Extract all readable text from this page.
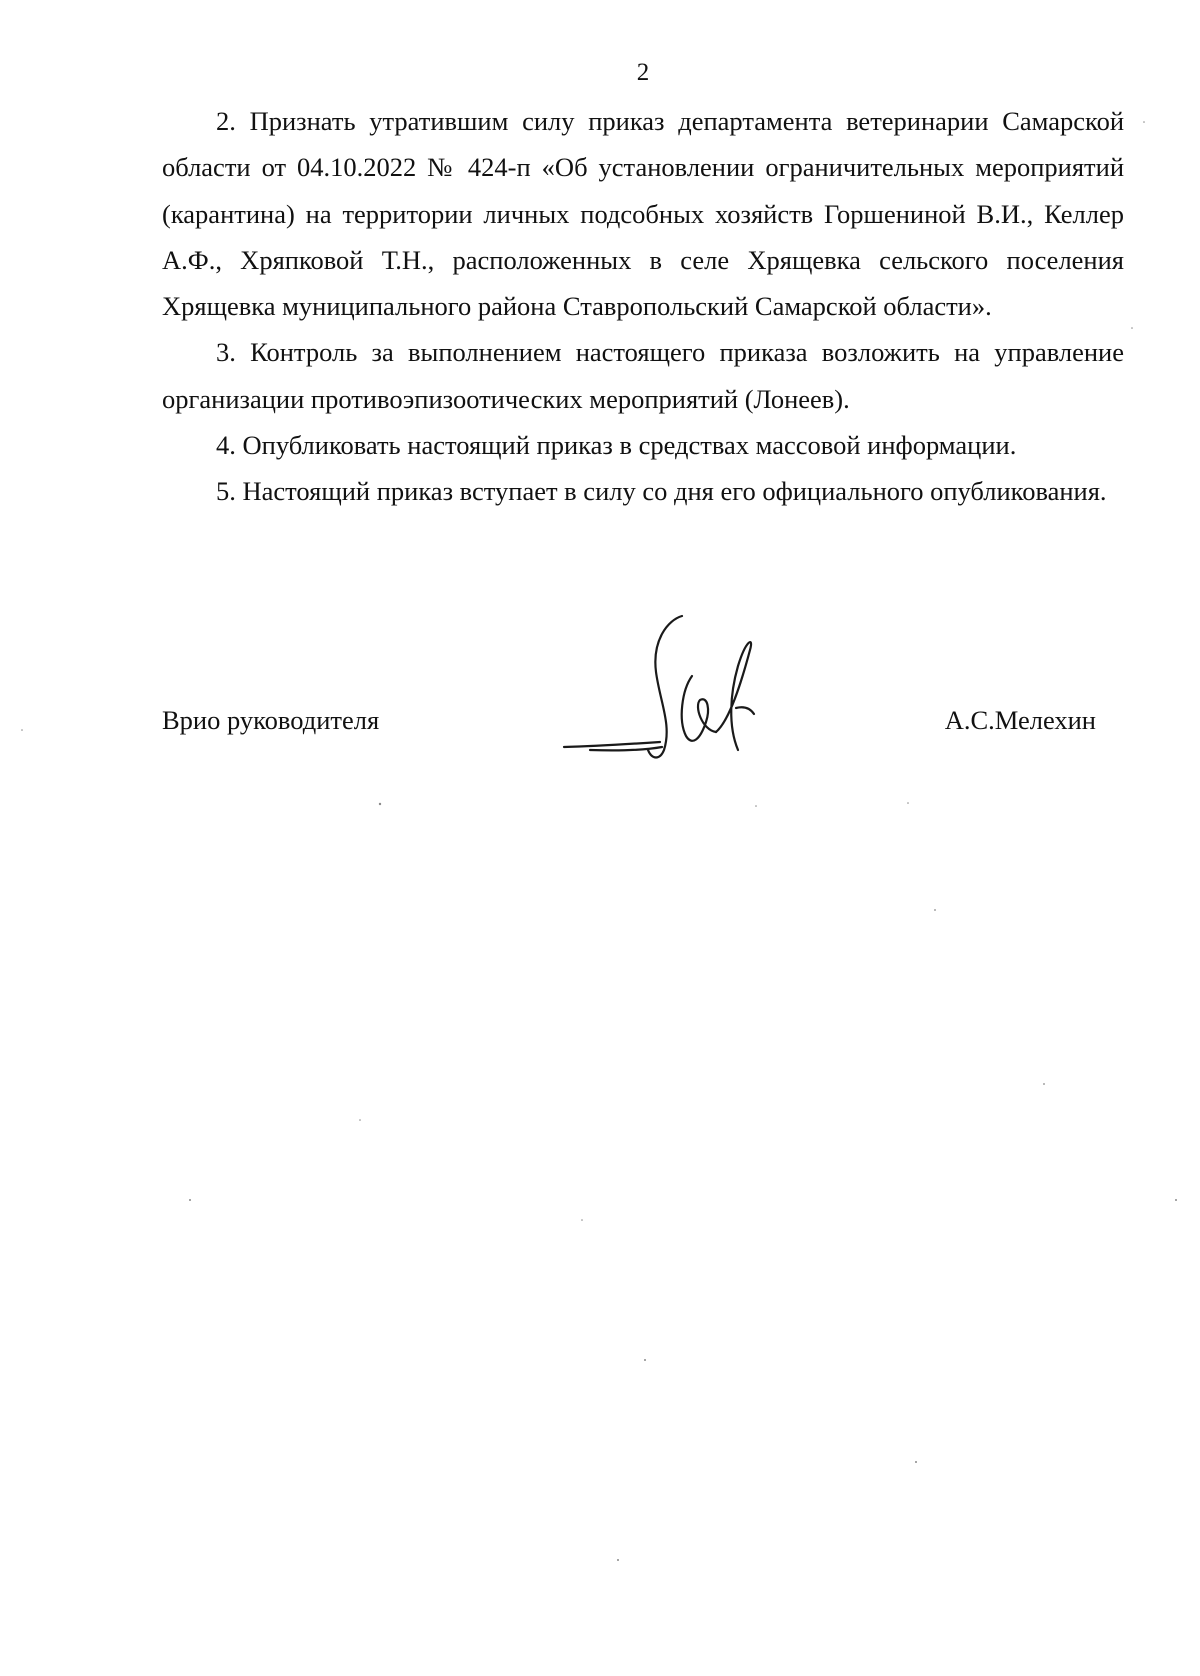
2

2. Признать утратившим силу приказ департамента ветеринарии Самарской области от 04.10.2022 № 424-п «Об установлении ограничительных мероприятий (карантина) на территории личных подсобных хозяйств Горшениной В.И., Келлер А.Ф., Хряпковой Т.Н., расположенных в селе Хрящевка сельского поселения Хрящевка муниципального района Ставропольский Самарской области».

3. Контроль за выполнением настоящего приказа возложить на управление организации противоэпизоотических мероприятий (Лонеев).

4. Опубликовать настоящий приказ в средствах массовой информации.

5. Настоящий приказ вступает в силу со дня его официального опубликования.

Врио руководителя	А.С.Мелехин
